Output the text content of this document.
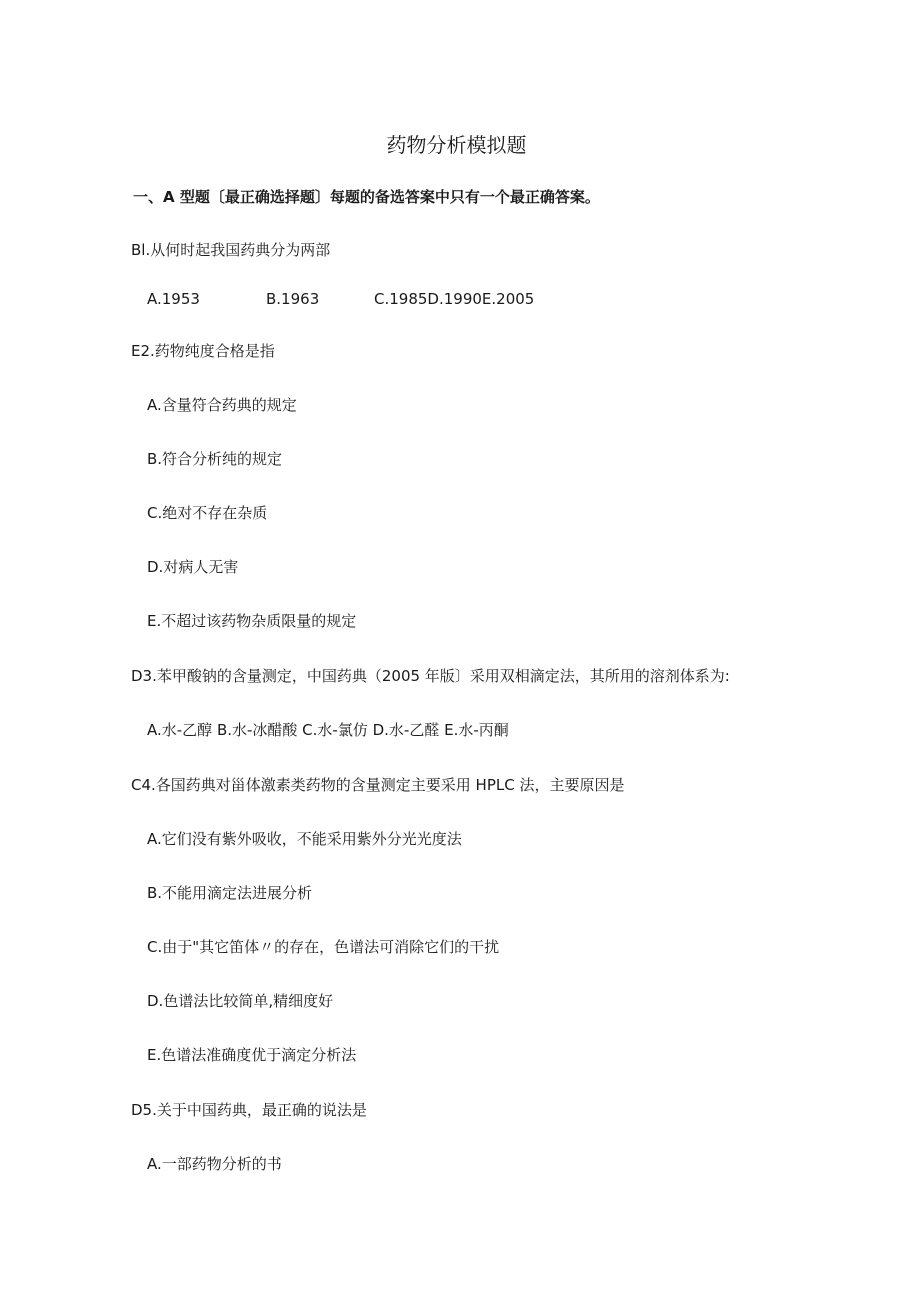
药物分析模拟题
一、A 型题〔最正确选择题〕每题的备选答案中只有一个最正确答案。
Bl.从何时起我国药典分为两部
A.1953	B.1963	C.1985D.1990E.2005
E2.药物纯度合格是指
A.含量符合药典的规定
B.符合分析纯的规定
C.绝对不存在杂质
D.对病人无害
E.不超过该药物杂质限量的规定
D3.苯甲酸钠的含量测定，中国药典（2005 年版〕采用双相滴定法，其所用的溶剂体系为:
A.水-乙醇 B.水-冰醋酸 C.水-氯仿 D.水-乙醛 E.水-丙酮
C4.各国药典对甾体激素类药物的含量测定主要采用 HPLC 法，主要原因是
A.它们没有紫外吸收，不能采用紫外分光光度法
B.不能用滴定法进展分析
C.由于"其它笛体〃的存在，色谱法可消除它们的干扰
D.色谱法比较简单,精细度好
E.色谱法准确度优于滴定分析法
D5.关于中国药典，最正确的说法是
A.一部药物分析的书
